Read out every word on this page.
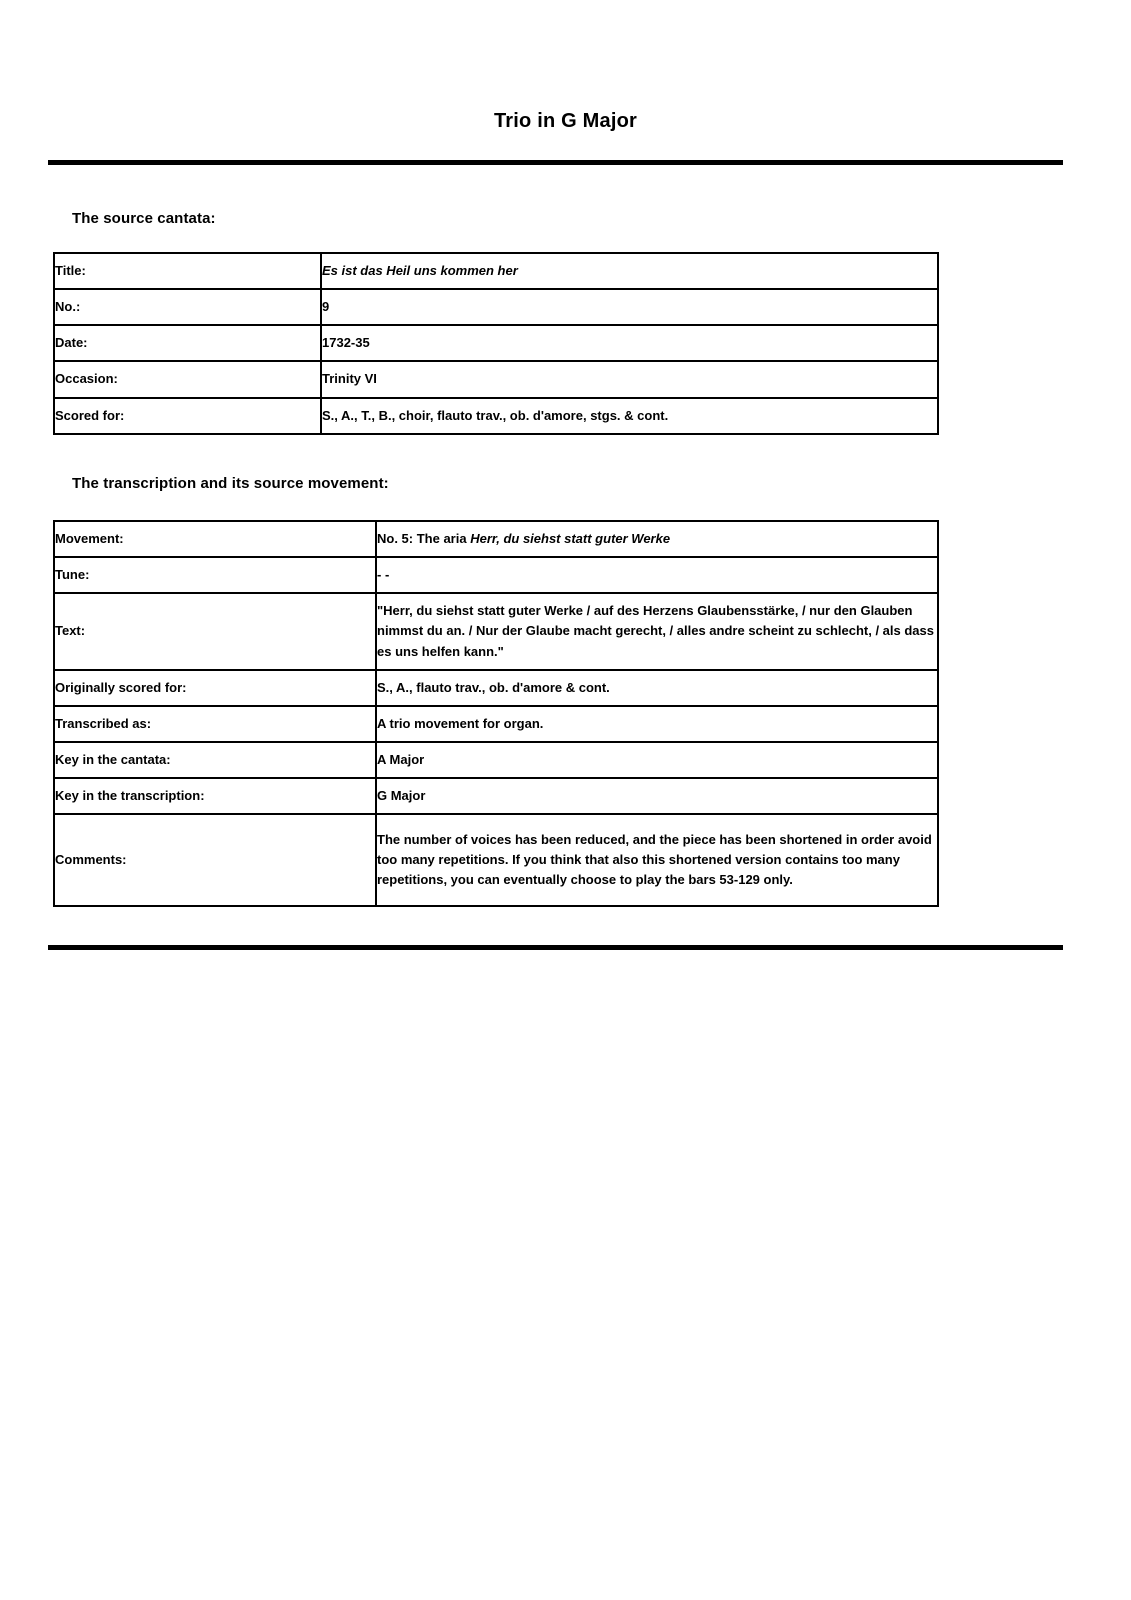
Trio in G Major
The source cantata:
Title:	Es ist das Heil uns kommen her
No.:	9
Date:	1732-35
Occasion:	Trinity VI
Scored for:	S., A., T., B., choir, flauto trav., ob. d'amore, stgs. & cont.
The transcription and its source movement:
Movement:	No. 5: The aria Herr, du siehst statt guter Werke
Tune:	- -
Text:	"Herr, du siehst statt guter Werke / auf des Herzens Glaubensstärke, / nur den Glauben nimmst du an. / Nur der Glaube macht gerecht, / alles andre scheint zu schlecht, / als dass es uns helfen kann."
Originally scored for:	S., A., flauto trav., ob. d'amore & cont.
Transcribed as:	A trio movement for organ.
Key in the cantata:	A Major
Key in the transcription:	G Major
Comments:	The number of voices has been reduced, and the piece has been shortened in order avoid too many repetitions. If you think that also this shortened version contains too many repetitions, you can eventually choose to play the bars 53-129 only.
